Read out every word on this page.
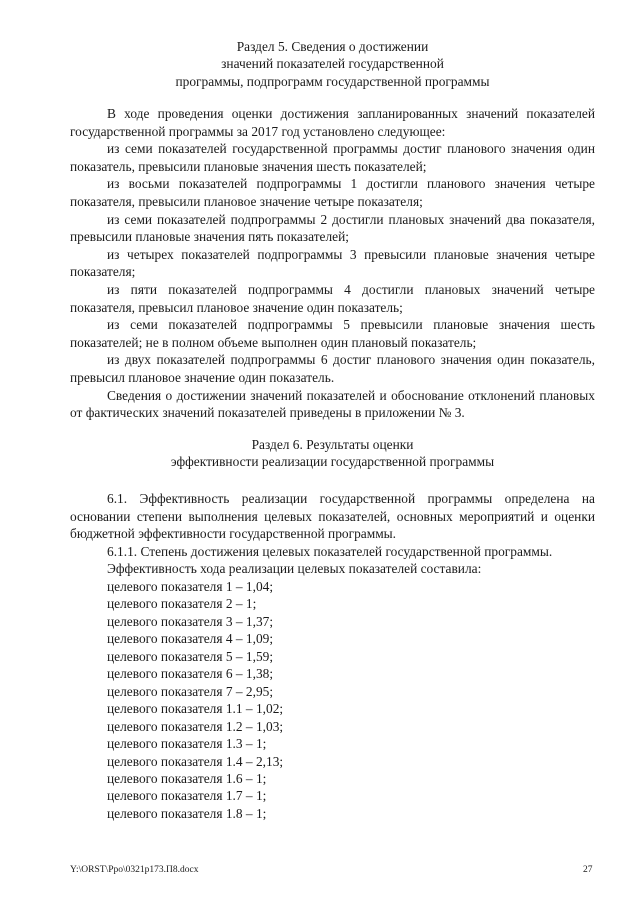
Раздел 5. Сведения о достижении
значений показателей государственной
программы, подпрограмм государственной программы

В ходе проведения оценки достижения запланированных значений показателей государственной программы за 2017 год установлено следующее:

из семи показателей государственной программы достиг планового значения один показатель, превысили плановые значения шесть показателей;

из восьми показателей подпрограммы 1 достигли планового значения четыре показателя, превысили плановое значение четыре показателя;

из семи показателей подпрограммы 2 достигли плановых значений два показателя, превысили плановые значения пять показателей;

из четырех показателей подпрограммы 3 превысили плановые значения четыре показателя;

из пяти показателей подпрограммы 4 достигли плановых значений четыре показателя, превысил плановое значение один показатель;

из семи показателей подпрограммы 5 превысили плановые значения шесть показателей; не в полном объеме выполнен один плановый показатель;

из двух показателей подпрограммы 6 достиг планового значения один показатель, превысил плановое значение один показатель.

Сведения о достижении значений показателей и обоснование отклонений плановых от фактических значений показателей приведены в приложении № 3.

Раздел 6. Результаты оценки
эффективности реализации государственной программы

6.1. Эффективность реализации государственной программы определена на основании степени выполнения целевых показателей, основных мероприятий и оценки бюджетной эффективности государственной программы.

6.1.1. Степень достижения целевых показателей государственной программы.

Эффективность хода реализации целевых показателей составила:

целевого показателя 1 – 1,04;
целевого показателя 2 – 1;
целевого показателя 3 – 1,37;
целевого показателя 4 – 1,09;
целевого показателя 5 – 1,59;
целевого показателя 6 – 1,38;
целевого показателя 7 – 2,95;
целевого показателя 1.1 – 1,02;
целевого показателя 1.2 – 1,03;
целевого показателя 1.3 – 1;
целевого показателя 1.4 – 2,13;
целевого показателя 1.6 – 1;
целевого показателя 1.7 – 1;
целевого показателя 1.8 – 1;
Y:\ORST\Ppo\0321p173.П8.docx	27
